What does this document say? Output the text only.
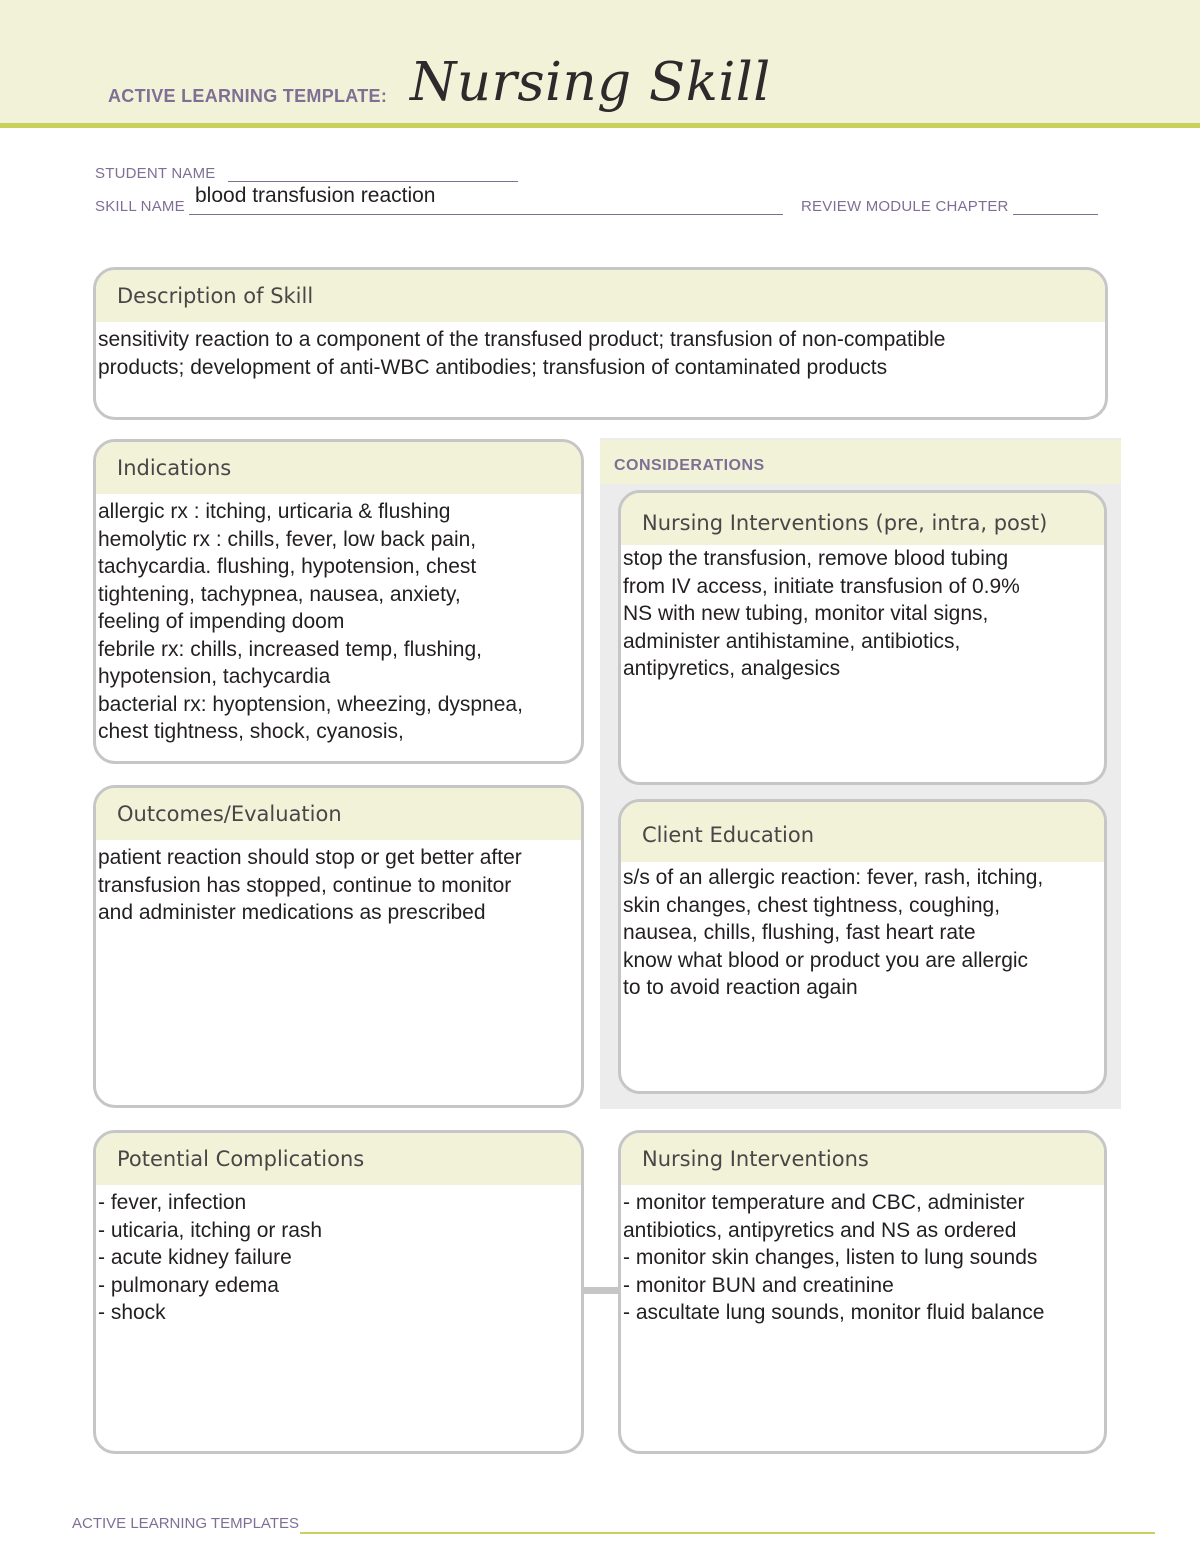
ACTIVE LEARNING TEMPLATE: Nursing Skill
STUDENT NAME
SKILL NAME blood transfusion reaction	REVIEW MODULE CHAPTER
Description of Skill
sensitivity reaction to a component of the transfused product; transfusion of non-compatible
products; development of anti-WBC antibodies; transfusion of contaminated products
CONSIDERATIONS
Indications
allergic rx : itching, urticaria & flushing
hemolytic rx : chills, fever, low back pain,
tachycardia. flushing, hypotension, chest
tightening, tachypnea, nausea, anxiety,
feeling of impending doom
febrile rx: chills, increased temp, flushing,
hypotension, tachycardia
bacterial rx: hyoptension, wheezing, dyspnea,
chest tightness, shock, cyanosis,
Nursing Interventions (pre, intra, post)
stop the transfusion, remove blood tubing
from IV access, initiate transfusion of 0.9%
NS with new tubing, monitor vital signs,
administer antihistamine, antibiotics,
antipyretics, analgesics
Outcomes/Evaluation
patient reaction should stop or get better after
transfusion has stopped, continue to monitor
and administer medications as prescribed
Client Education
s/s of an allergic reaction: fever, rash, itching,
skin changes, chest tightness, coughing,
nausea, chills, flushing, fast heart rate
know what blood or product you are allergic
to to avoid reaction again
Potential Complications
- fever, infection
- uticaria, itching or rash
- acute kidney failure
- pulmonary edema
- shock
Nursing Interventions
- monitor temperature and CBC, administer
antibiotics, antipyretics and NS as ordered
- monitor skin changes, listen to lung sounds
- monitor BUN and creatinine
- ascultate lung sounds, monitor fluid balance
ACTIVE LEARNING TEMPLATES
